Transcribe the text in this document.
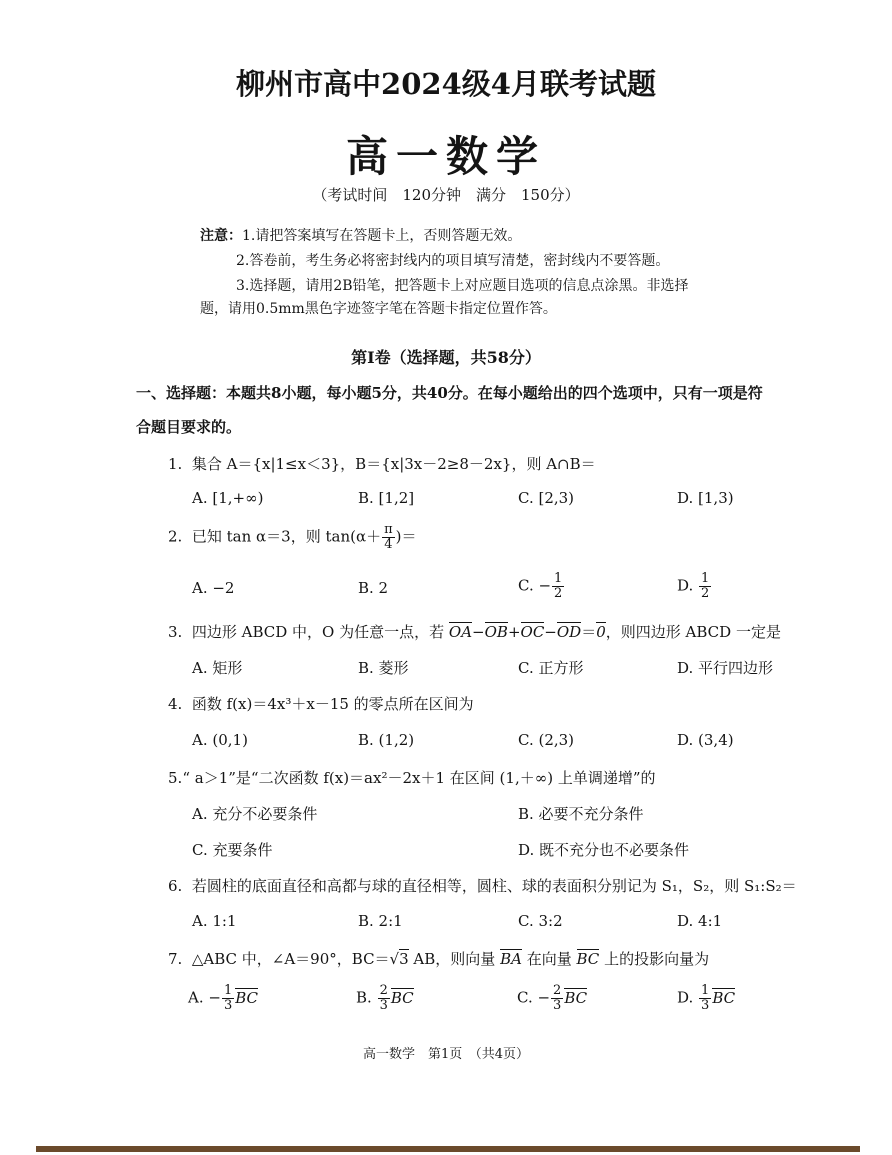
柳州市高中2024级4月联考试题
高一数学
（考试时间　120分钟　满分　150分）
注意：1.请把答案填写在答题卡上，否则答题无效。
2.答卷前，考生务必将密封线内的项目填写清楚，密封线内不要答题。
3.选择题，请用2B铅笔，把答题卡上对应题目选项的信息点涂黑。非选择
题，请用0.5mm黑色字迹签字笔在答题卡指定位置作答。
第Ⅰ卷（选择题，共58分）
一、选择题：本题共8小题，每小题5分，共40分。在每小题给出的四个选项中，只有一项是符
合题目要求的。
1. 集合 A＝{x|1≤x＜3}，B＝{x|3x－2≥8－2x}，则 A∩B＝
A. [1,+∞)	B. [1,2]	C. [2,3)	D. [1,3)
2. 已知 tan α＝3，则 $\tan(\alpha+ \frac{\pi}{4}$ )＝
A. −2	B. 2	C. − $\frac{1}{2}$	D. $\frac{1}{2}$
3. 四边形 ABCD 中，O 为任意一点，若 OA−OB+OC−OD＝0，则四边形 ABCD 一定是
A. 矩形	B. 菱形	C. 正方形	D. 平行四边形
4. 函数 f(x)＝4x³＋x－15 的零点所在区间为
A. (0,1)	B. (1,2)	C. (2,3)	D. (3,4)
5.“ a＞1”是“二次函数 f(x)＝ax²－2x＋1 在区间 (1,＋∞) 上单调递增”的
A. 充分不必要条件	B. 必要不充分条件
C. 充要条件	D. 既不充分也不必要条件
6. 若圆柱的底面直径和高都与球的直径相等，圆柱、球的表面积分别记为 S₁，S₂，则 S₁:S₂＝
A. 1:1	B. 2:1	C. 3:2	D. 4:1
7. △ABC 中，∠A＝90°，BC＝√3 AB，则向量 BA 在向量 BC 上的投影向量为
A. − $\frac{1}{3}$ BC	B. $\frac{2}{3}$ BC	C. − $\frac{2}{3}$ BC	D. $\frac{1}{3}$ BC
高一数学　第1页　（共4页）
